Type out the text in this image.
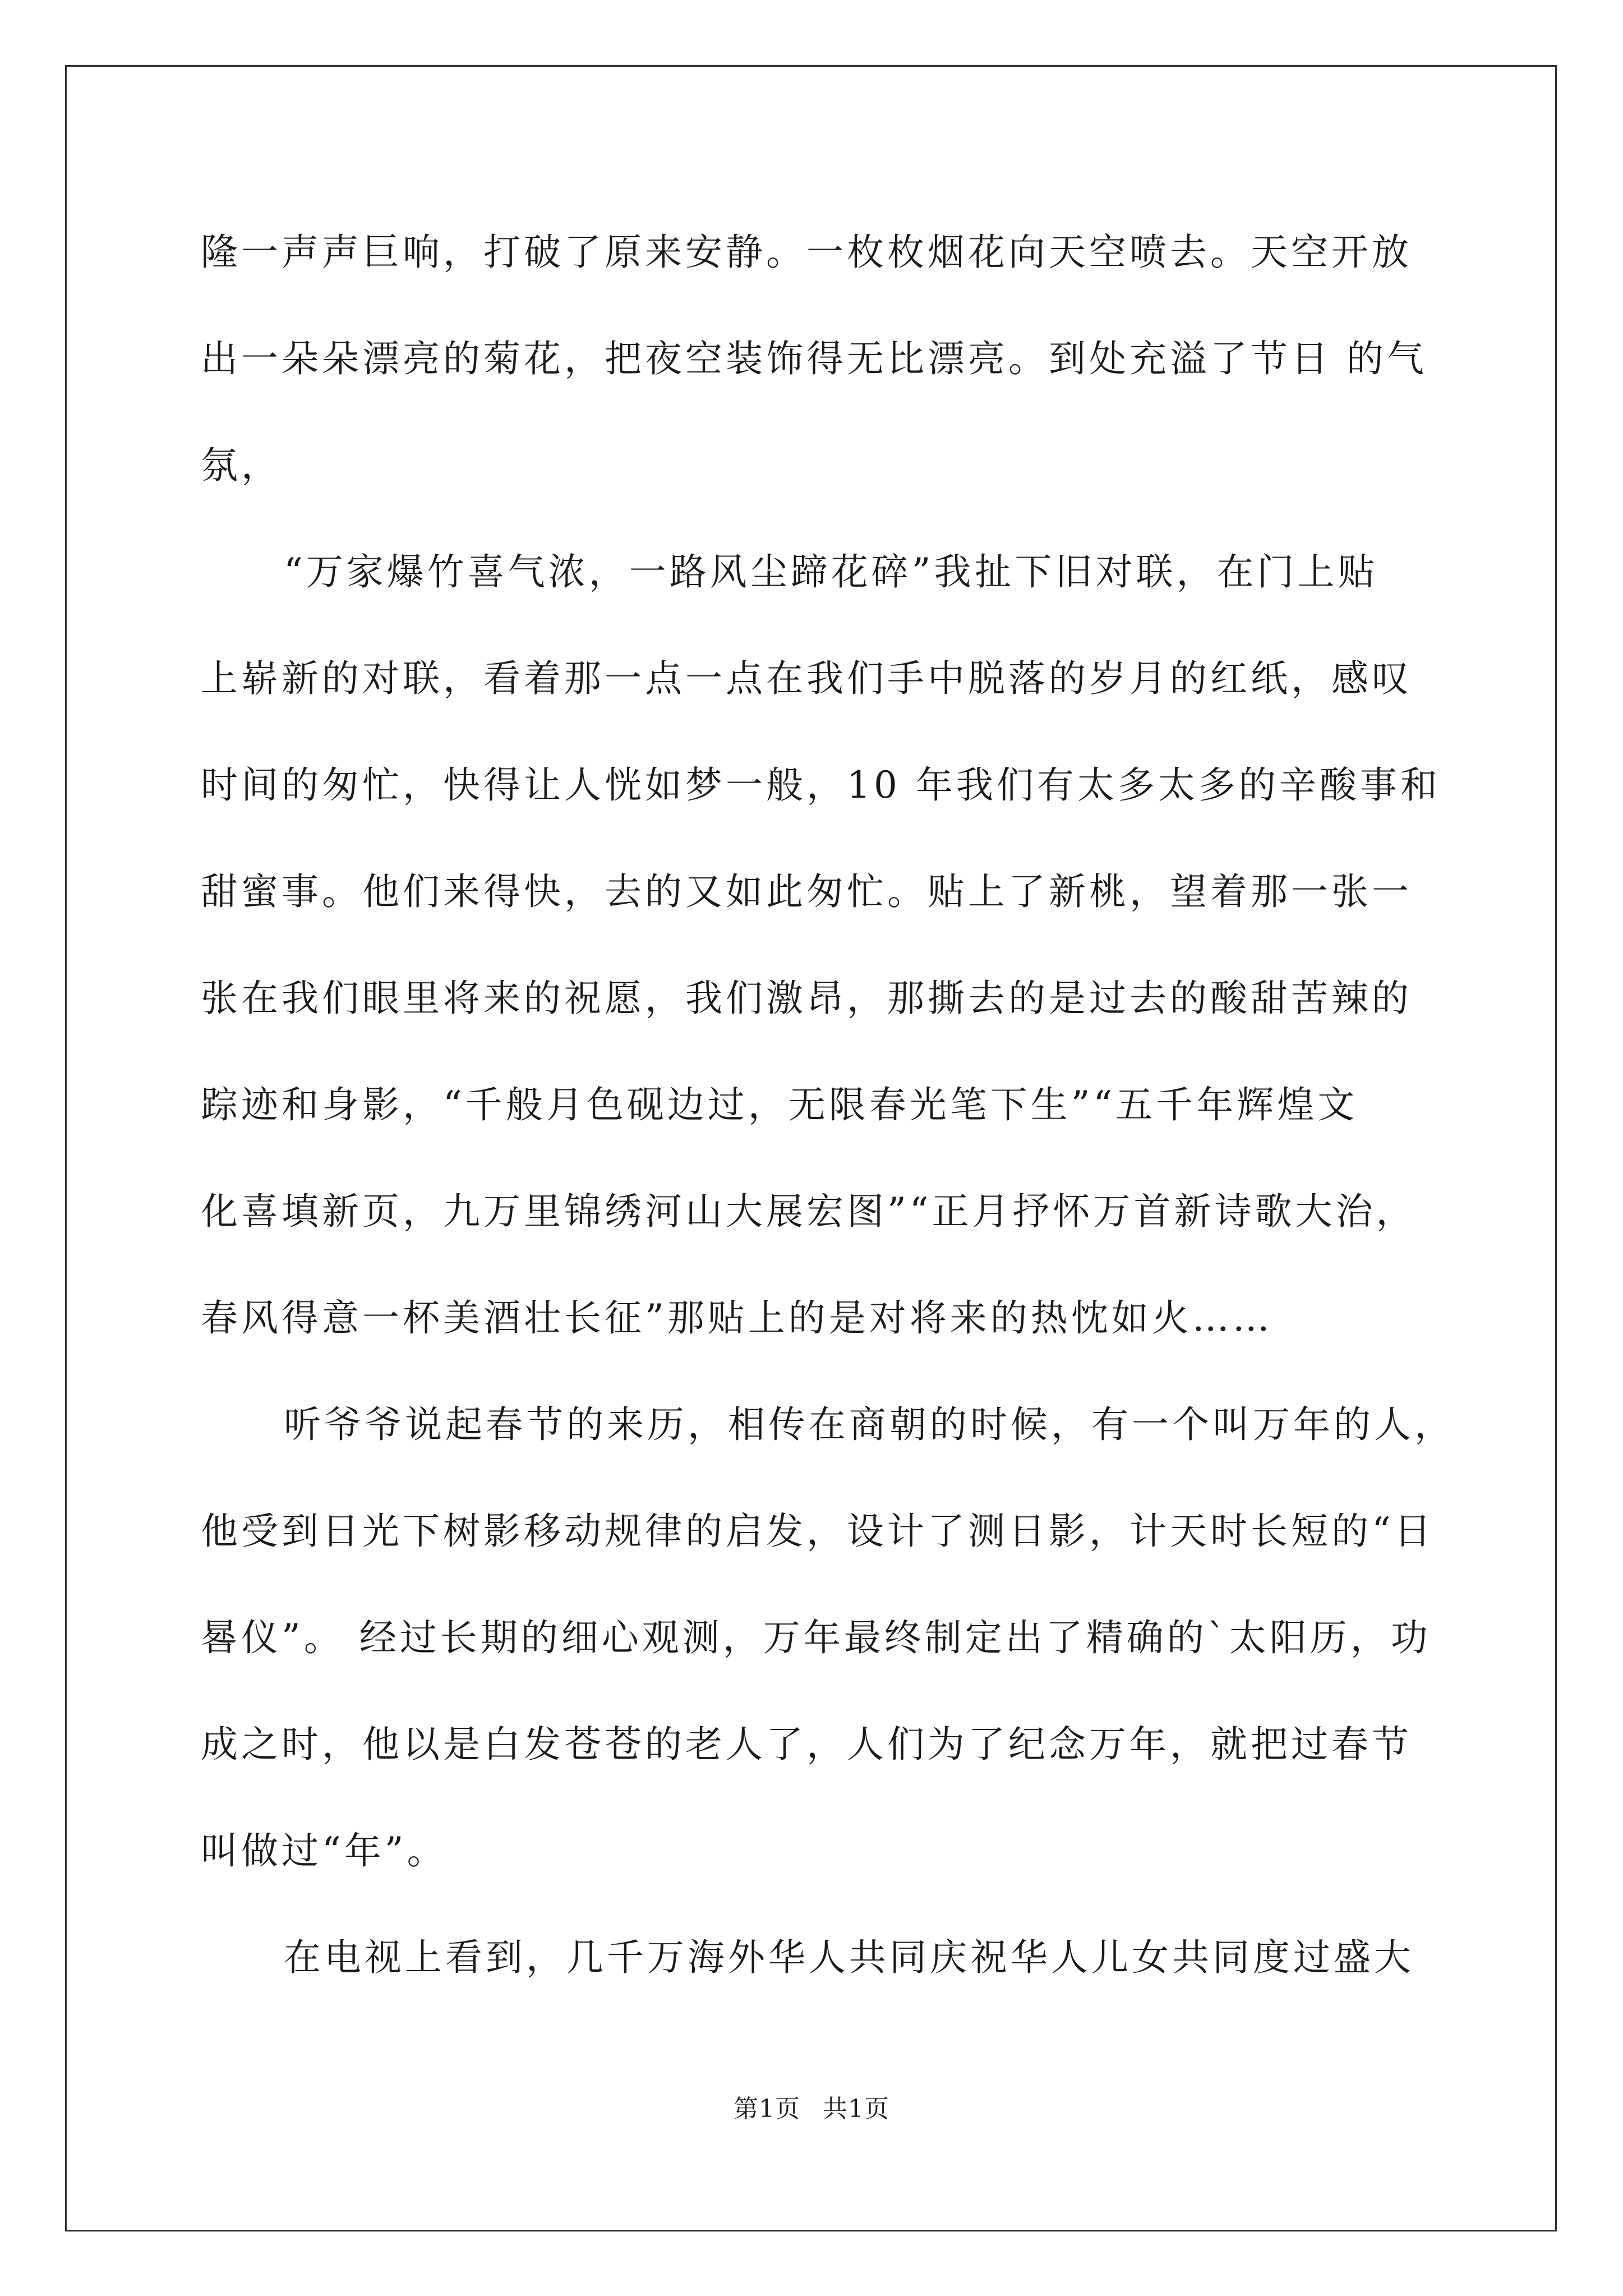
隆一声声巨响，打破了原来安静。一枚枚烟花向天空喷去。天空开放
出一朵朵漂亮的菊花，把夜空装饰得无比漂亮。到处充溢了节日 的气
氛，
“万家爆竹喜气浓，一路风尘蹄花碎”我扯下旧对联，在门上贴
上崭新的对联，看着那一点一点在我们手中脱落的岁月的红纸，感叹
时间的匆忙，快得让人恍如梦一般，10 年我们有太多太多的辛酸事和
甜蜜事。他们来得快，去的又如此匆忙。贴上了新桃，望着那一张一
张在我们眼里将来的祝愿，我们激昂，那撕去的是过去的酸甜苦辣的
踪迹和身影，“千般月色砚边过，无限春光笔下生”“五千年辉煌文
化喜填新页，九万里锦绣河山大展宏图”“正月抒怀万首新诗歌大治，
春风得意一杯美酒壮长征”那贴上的是对将来的热忱如火……
听爷爷说起春节的来历，相传在商朝的时候，有一个叫万年的人，
他受到日光下树影移动规律的启发，设计了测日影，计天时长短的“日
晷仪”。 经过长期的细心观测，万年最终制定出了精确的`太阳历，功
成之时，他以是白发苍苍的老人了，人们为了纪念万年，就把过春节
叫做过“年”。
在电视上看到，几千万海外华人共同庆祝华人儿女共同度过盛大
第1页 共1页
